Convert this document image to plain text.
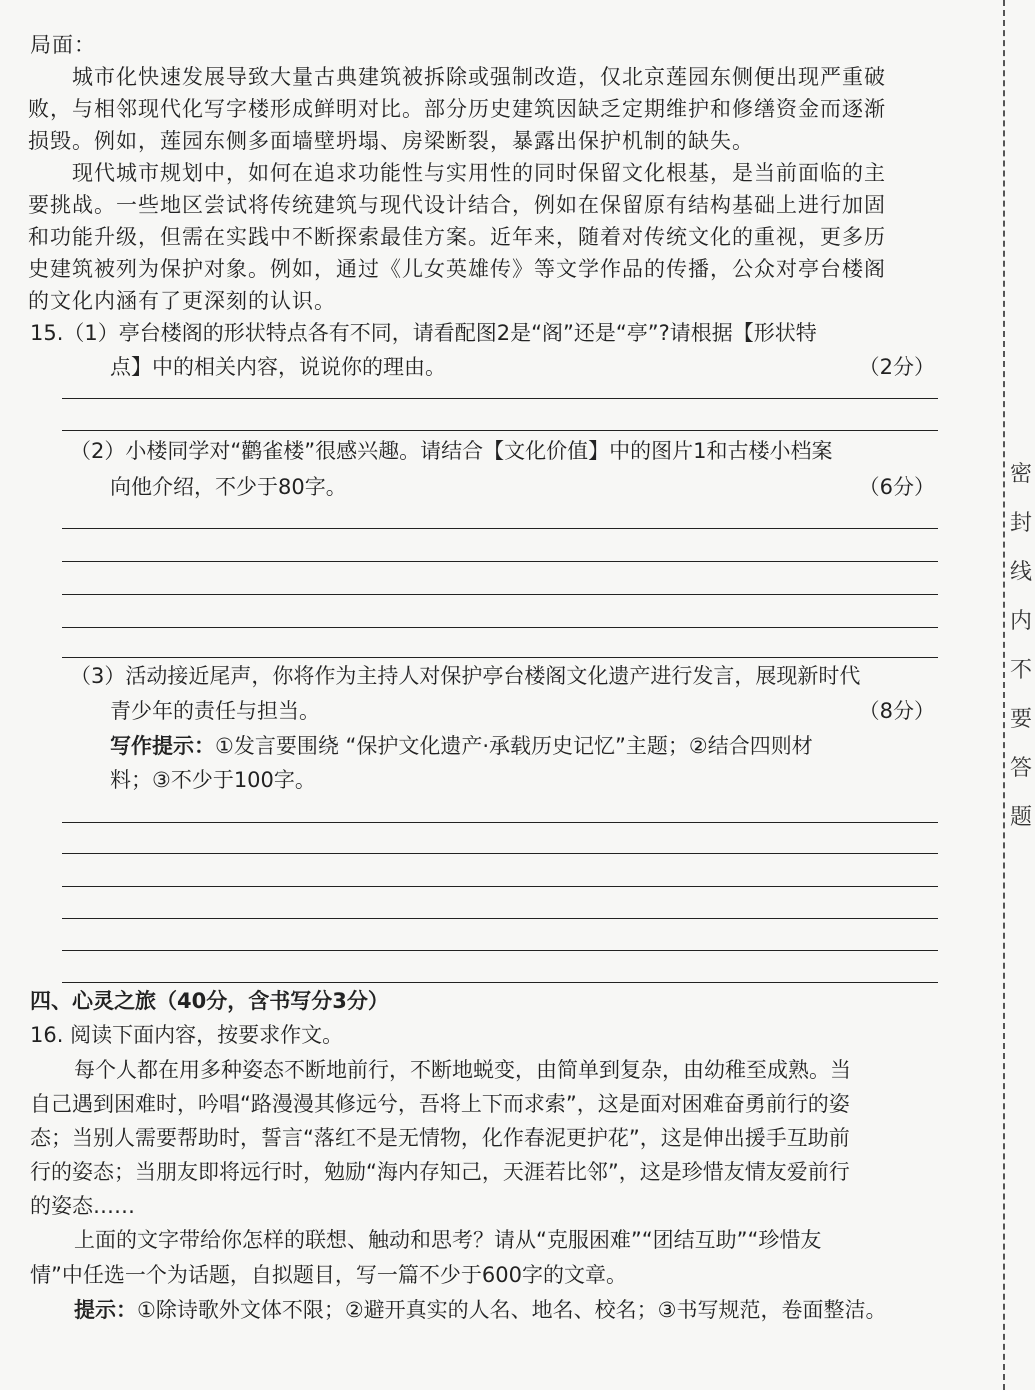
局面：
城市化快速发展导致大量古典建筑被拆除或强制改造，仅北京莲园东侧便出现严重破
败，与相邻现代化写字楼形成鲜明对比。部分历史建筑因缺乏定期维护和修缮资金而逐渐
损毁。例如，莲园东侧多面墙壁坍塌、房梁断裂，暴露出保护机制的缺失。
现代城市规划中，如何在追求功能性与实用性的同时保留文化根基，是当前面临的主
要挑战。一些地区尝试将传统建筑与现代设计结合，例如在保留原有结构基础上进行加固
和功能升级，但需在实践中不断探索最佳方案。近年来，随着对传统文化的重视，更多历
史建筑被列为保护对象。例如，通过《儿女英雄传》等文学作品的传播，公众对亭台楼阁
的文化内涵有了更深刻的认识。
15.（1）亭台楼阁的形状特点各有不同，请看配图2是“阁”还是“亭”?请根据【形状特
点】中的相关内容，说说你的理由。	（2分）
（2）小楼同学对“鹳雀楼”很感兴趣。请结合【文化价值】中的图片1和古楼小档案
向他介绍，不少于80字。	（6分）
（3）活动接近尾声，你将作为主持人对保护亭台楼阁文化遗产进行发言，展现新时代
青少年的责任与担当。	（8分）
写作提示：①发言要围绕 “保护文化遗产·承载历史记忆”主题；②结合四则材
料；③不少于100字。
四、心灵之旅（40分，含书写分3分）
16. 阅读下面内容，按要求作文。
每个人都在用多种姿态不断地前行，不断地蜕变，由简单到复杂，由幼稚至成熟。当
自己遇到困难时，吟唱“路漫漫其修远兮，吾将上下而求索”，这是面对困难奋勇前行的姿
态；当别人需要帮助时，誓言“落红不是无情物，化作春泥更护花”，这是伸出援手互助前
行的姿态；当朋友即将远行时，勉励“海内存知己，天涯若比邻”，这是珍惜友情友爱前行
的姿态……
上面的文字带给你怎样的联想、触动和思考？请从“克服困难”“团结互助”“珍惜友
情”中任选一个为话题，自拟题目，写一篇不少于600字的文章。
提示：①除诗歌外文体不限；②避开真实的人名、地名、校名；③书写规范，卷面整洁。
密
封
线
内
不
要
答
题
